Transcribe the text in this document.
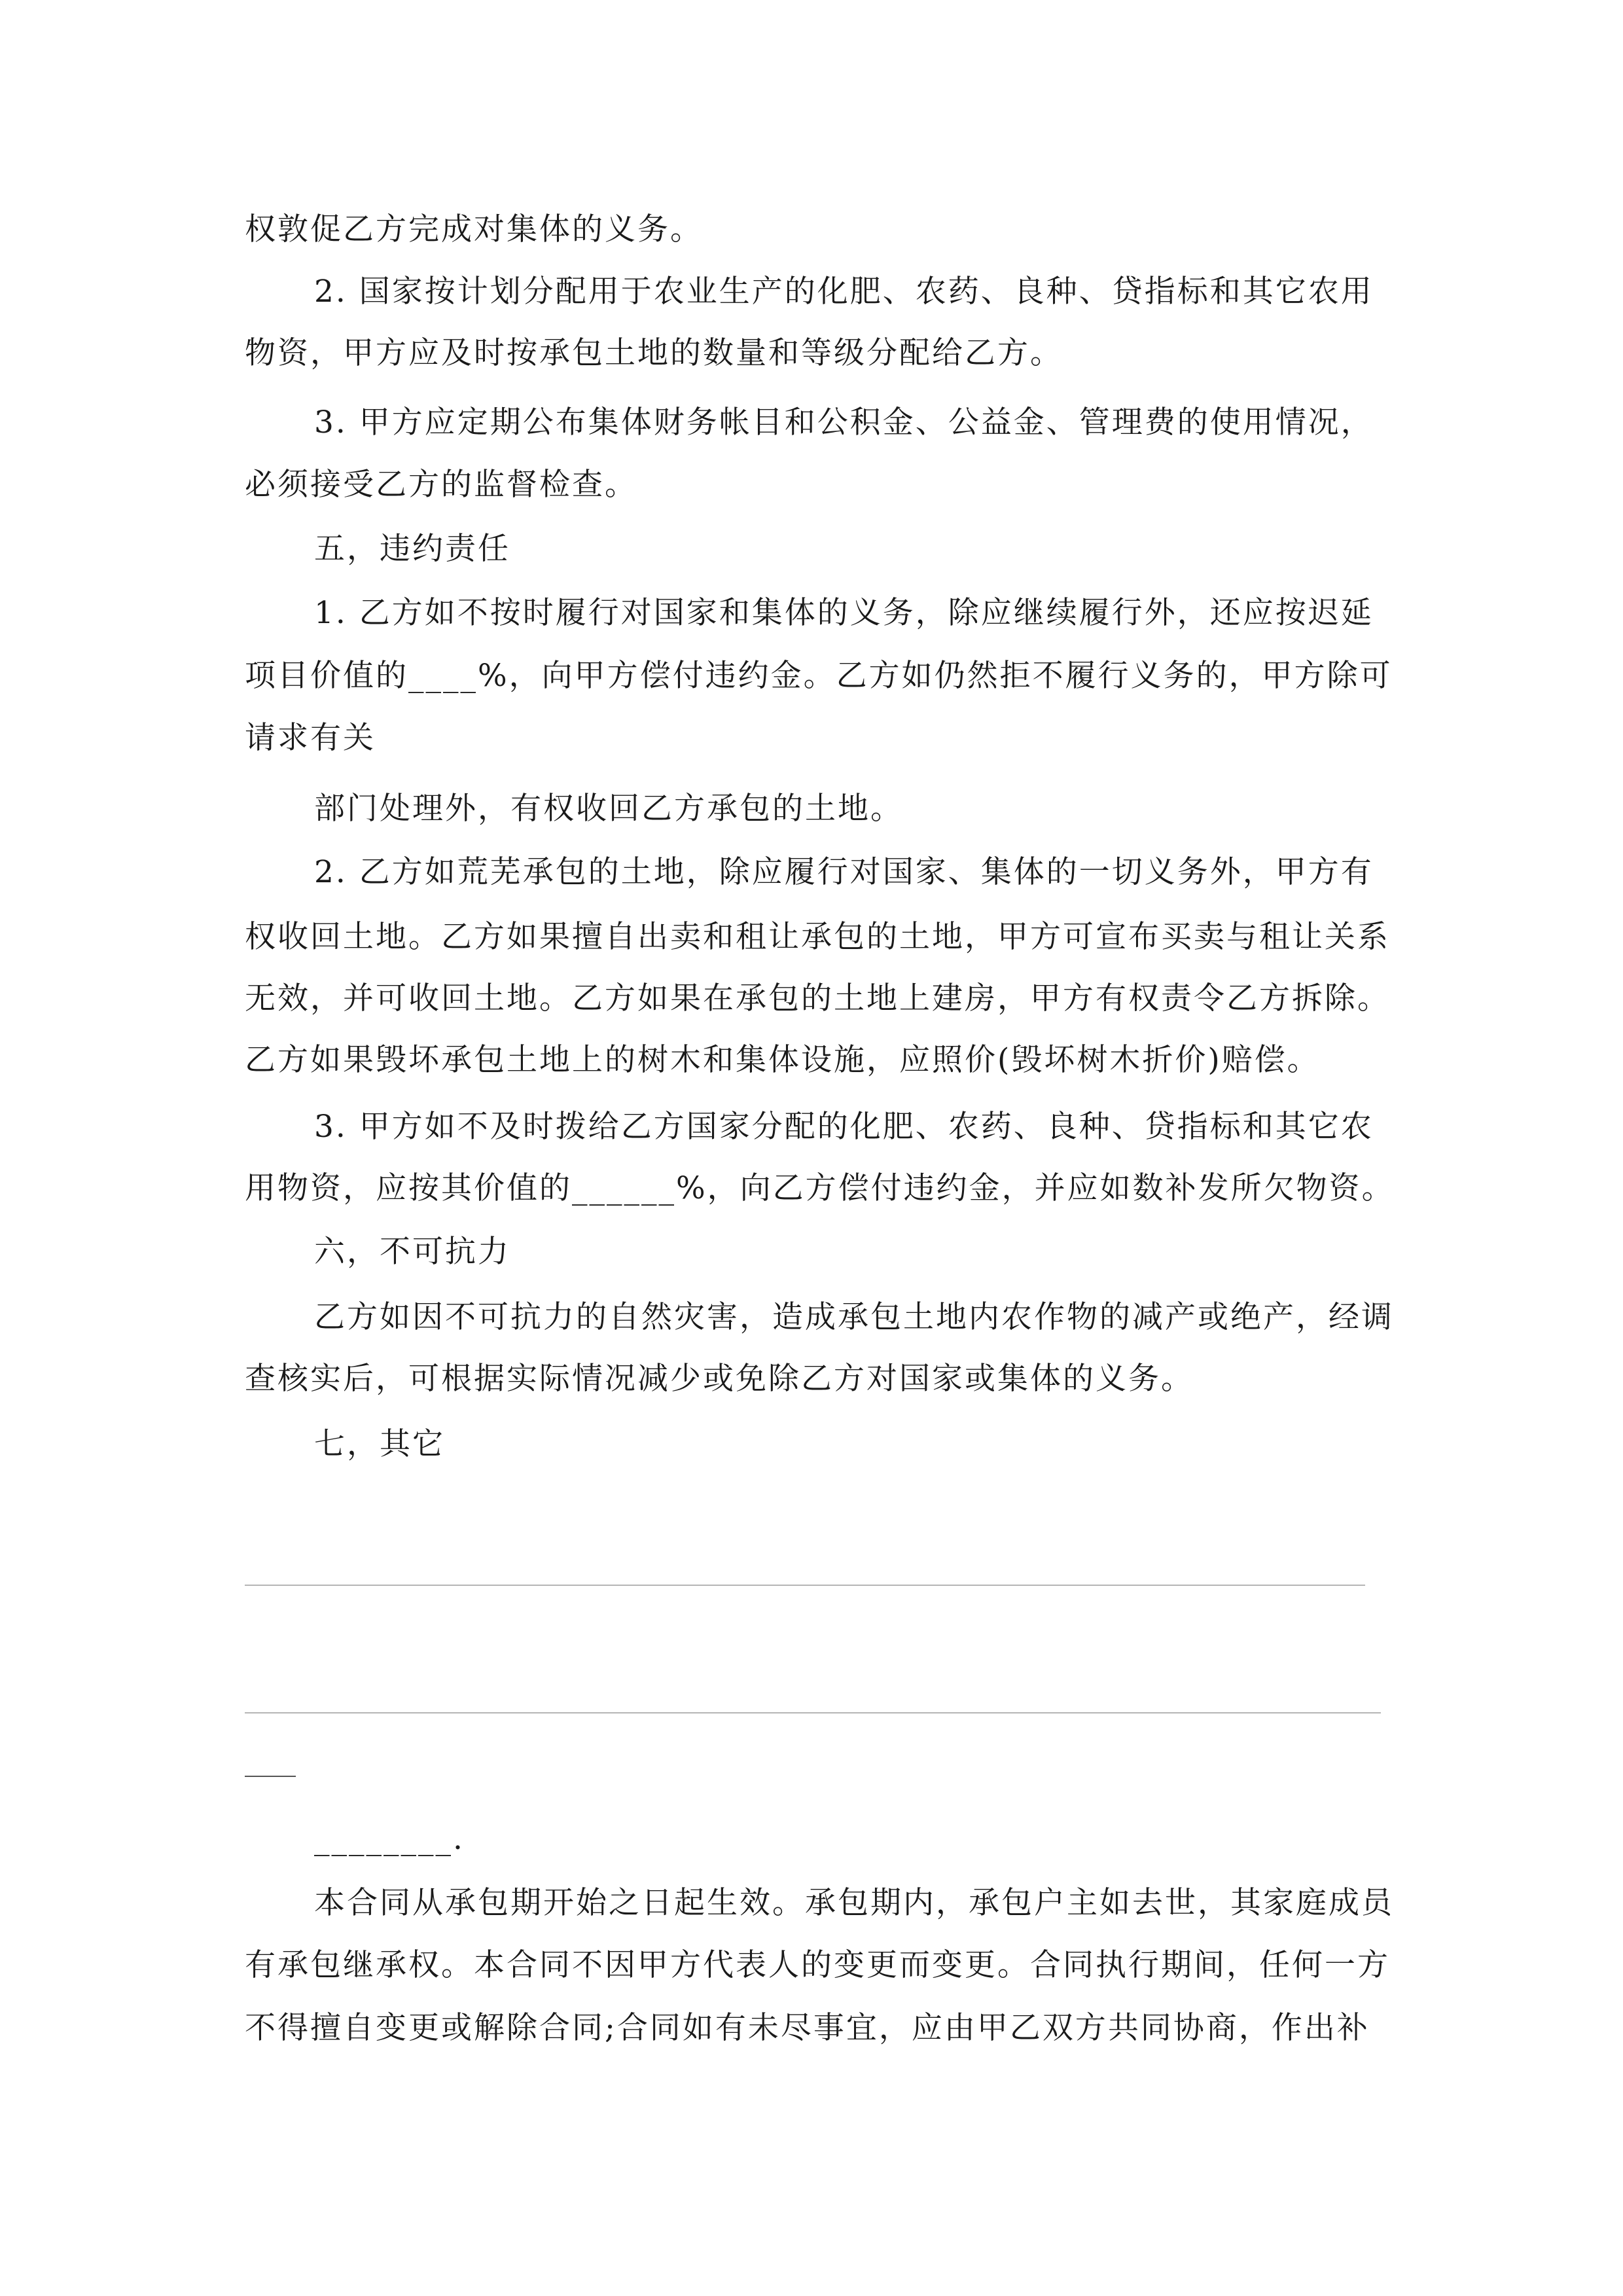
权敦促乙方完成对集体的义务。
2. 国家按计划分配用于农业生产的化肥、农药、良种、贷指标和其它农用
物资，甲方应及时按承包土地的数量和等级分配给乙方。
3. 甲方应定期公布集体财务帐目和公积金、公益金、管理费的使用情况，
必须接受乙方的监督检查。
五，违约责任
1. 乙方如不按时履行对国家和集体的义务，除应继续履行外，还应按迟延
项目价值的____%，向甲方偿付违约金。乙方如仍然拒不履行义务的，甲方除可
请求有关
部门处理外，有权收回乙方承包的土地。
2. 乙方如荒芜承包的土地，除应履行对国家、集体的一切义务外，甲方有
权收回土地。乙方如果擅自出卖和租让承包的土地，甲方可宣布买卖与租让关系
无效，并可收回土地。乙方如果在承包的土地上建房，甲方有权责令乙方拆除。
乙方如果毁坏承包土地上的树木和集体设施，应照价(毁坏树木折价)赔偿。
3. 甲方如不及时拨给乙方国家分配的化肥、农药、良种、贷指标和其它农
用物资，应按其价值的______%，向乙方偿付违约金，并应如数补发所欠物资。
六，不可抗力
乙方如因不可抗力的自然灾害，造成承包土地内农作物的减产或绝产，经调
查核实后，可根据实际情况减少或免除乙方对国家或集体的义务。
七，其它
________.
本合同从承包期开始之日起生效。承包期内，承包户主如去世，其家庭成员
有承包继承权。本合同不因甲方代表人的变更而变更。合同执行期间，任何一方
不得擅自变更或解除合同;合同如有未尽事宜，应由甲乙双方共同协商，作出补
